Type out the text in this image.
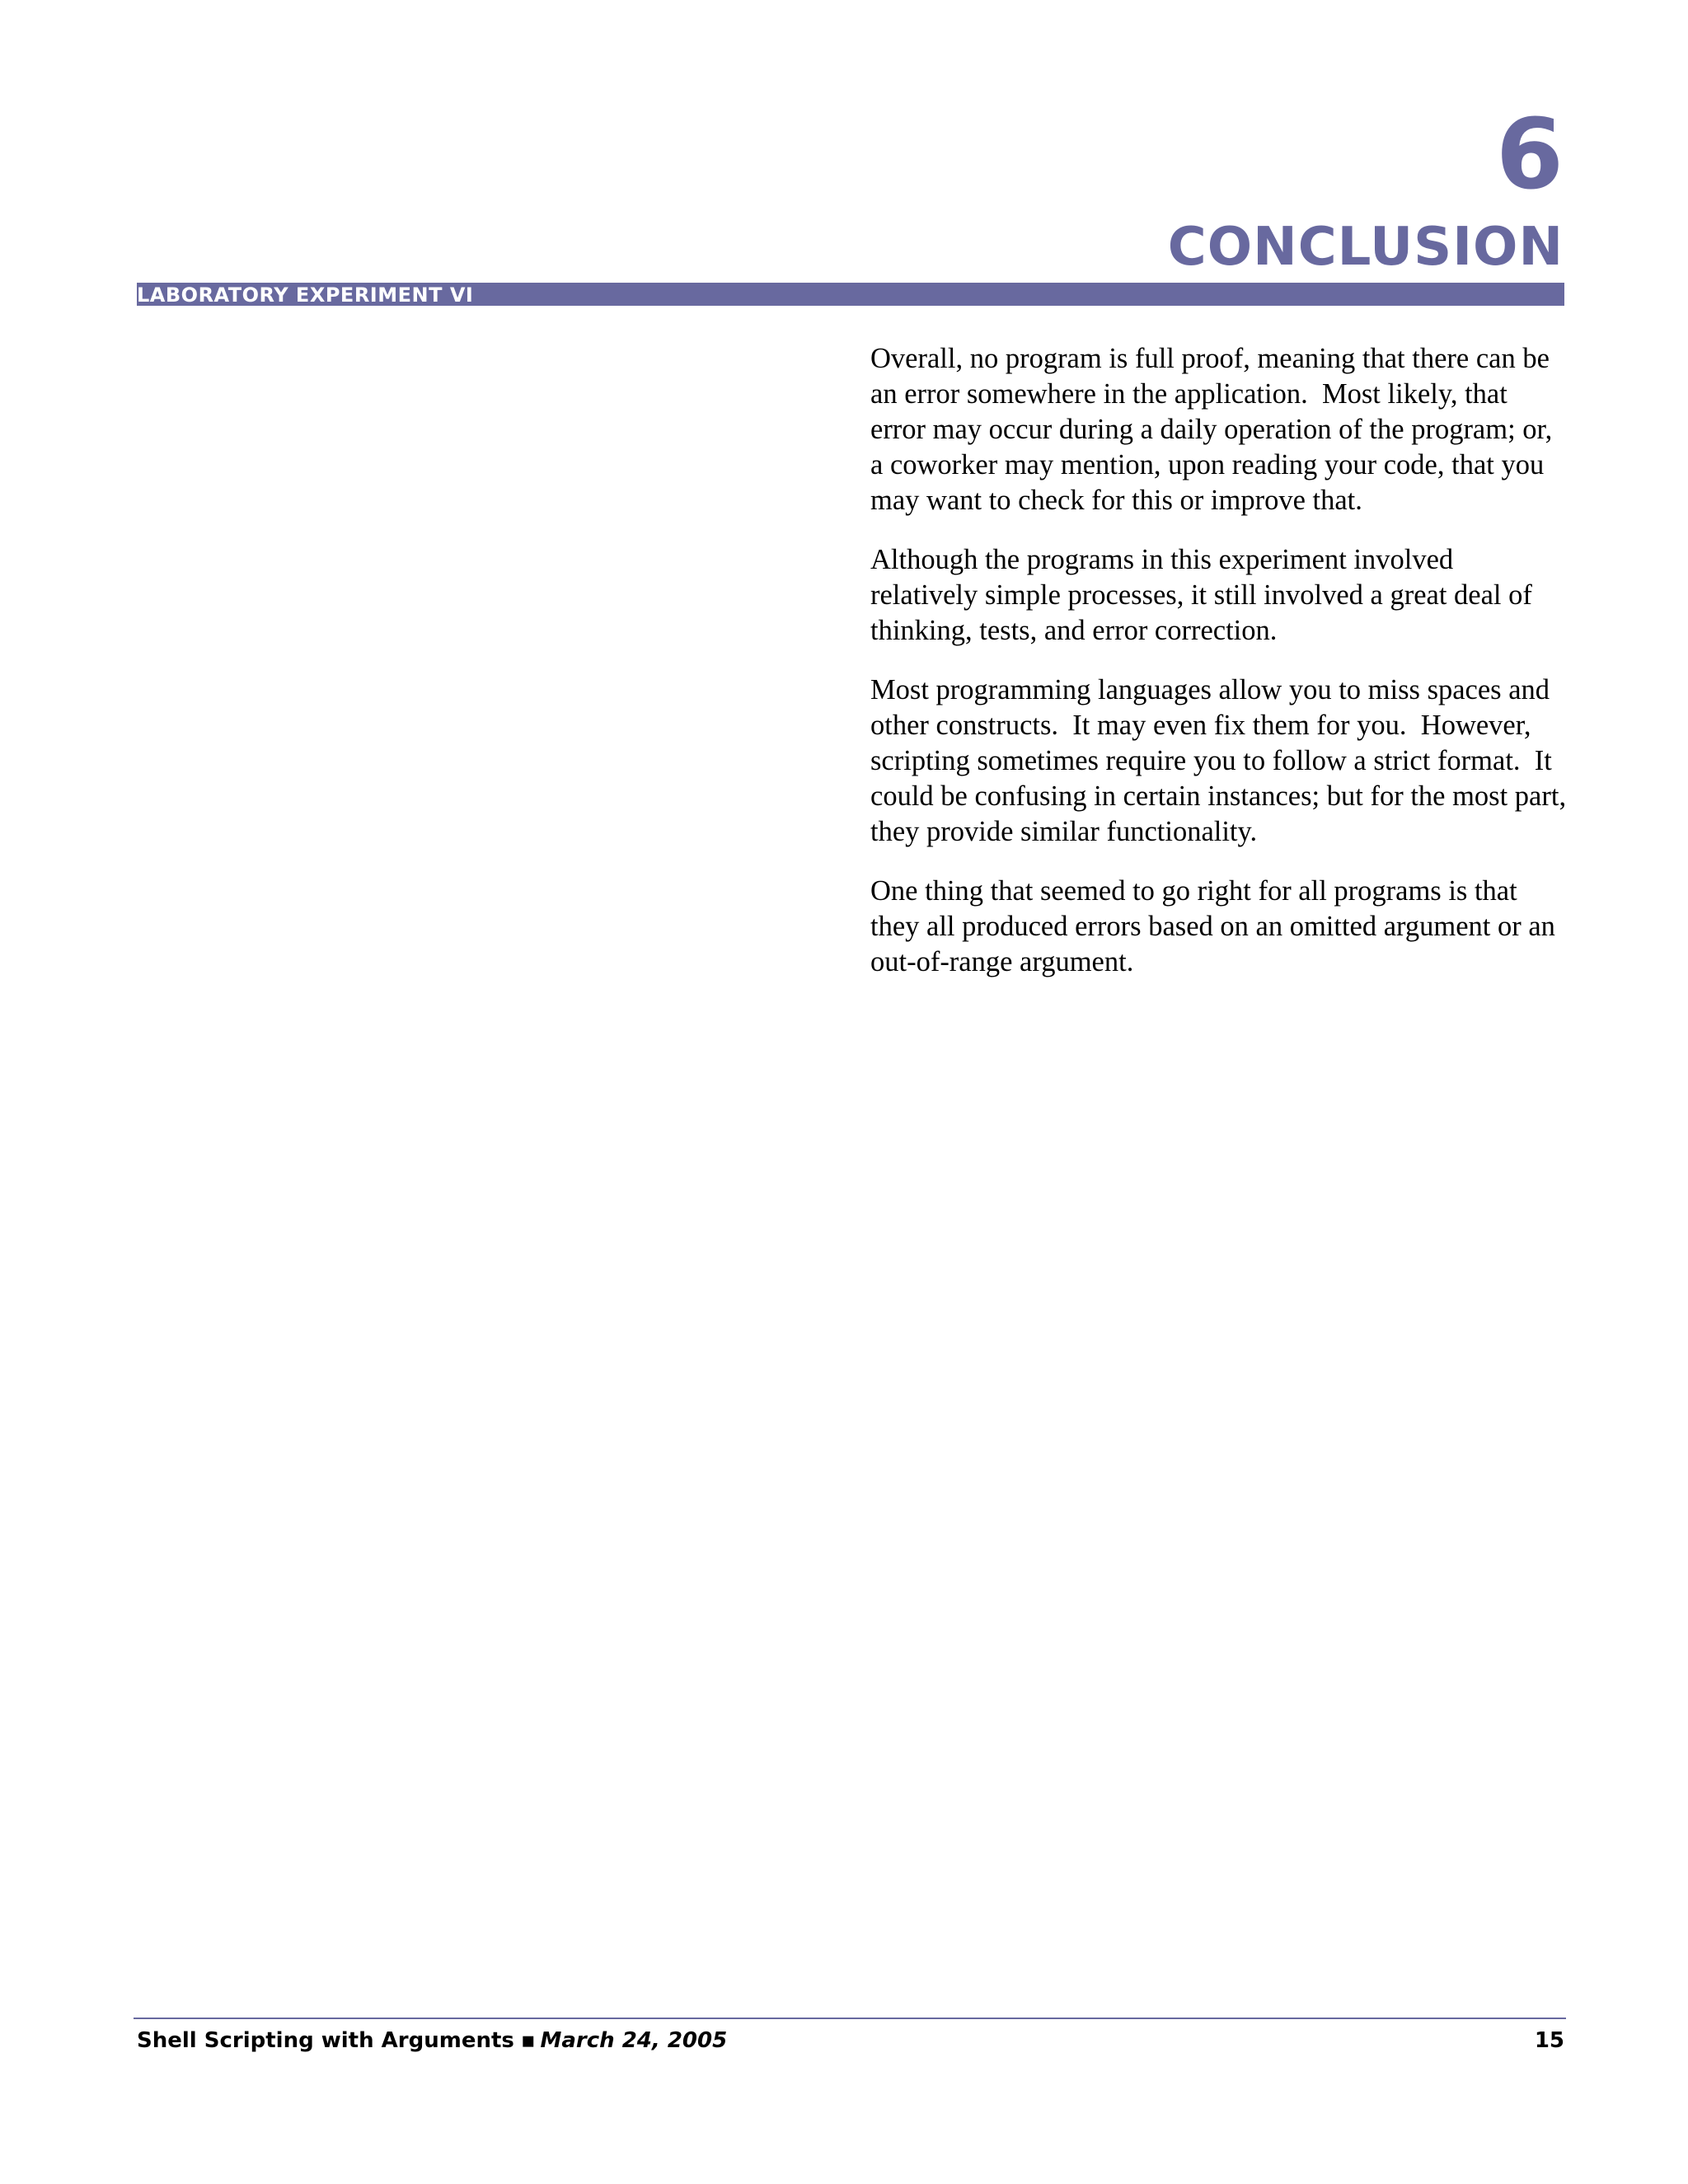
6
CONCLUSION
LABORATORY EXPERIMENT VI

Overall, no program is full proof, meaning that there can be an error somewhere in the application.  Most likely, that error may occur during a daily operation of the program; or, a coworker may mention, upon reading your code, that you may want to check for this or improve that.

Although the programs in this experiment involved relatively simple processes, it still involved a great deal of thinking, tests, and error correction.

Most programming languages allow you to miss spaces and other constructs.  It may even fix them for you.  However, scripting sometimes require you to follow a strict format.  It could be confusing in certain instances; but for the most part, they provide similar functionality.

One thing that seemed to go right for all programs is that they all produced errors based on an omitted argument or an out-of-range argument.

Shell Scripting with Arguments ▪ March 24, 2005	15
